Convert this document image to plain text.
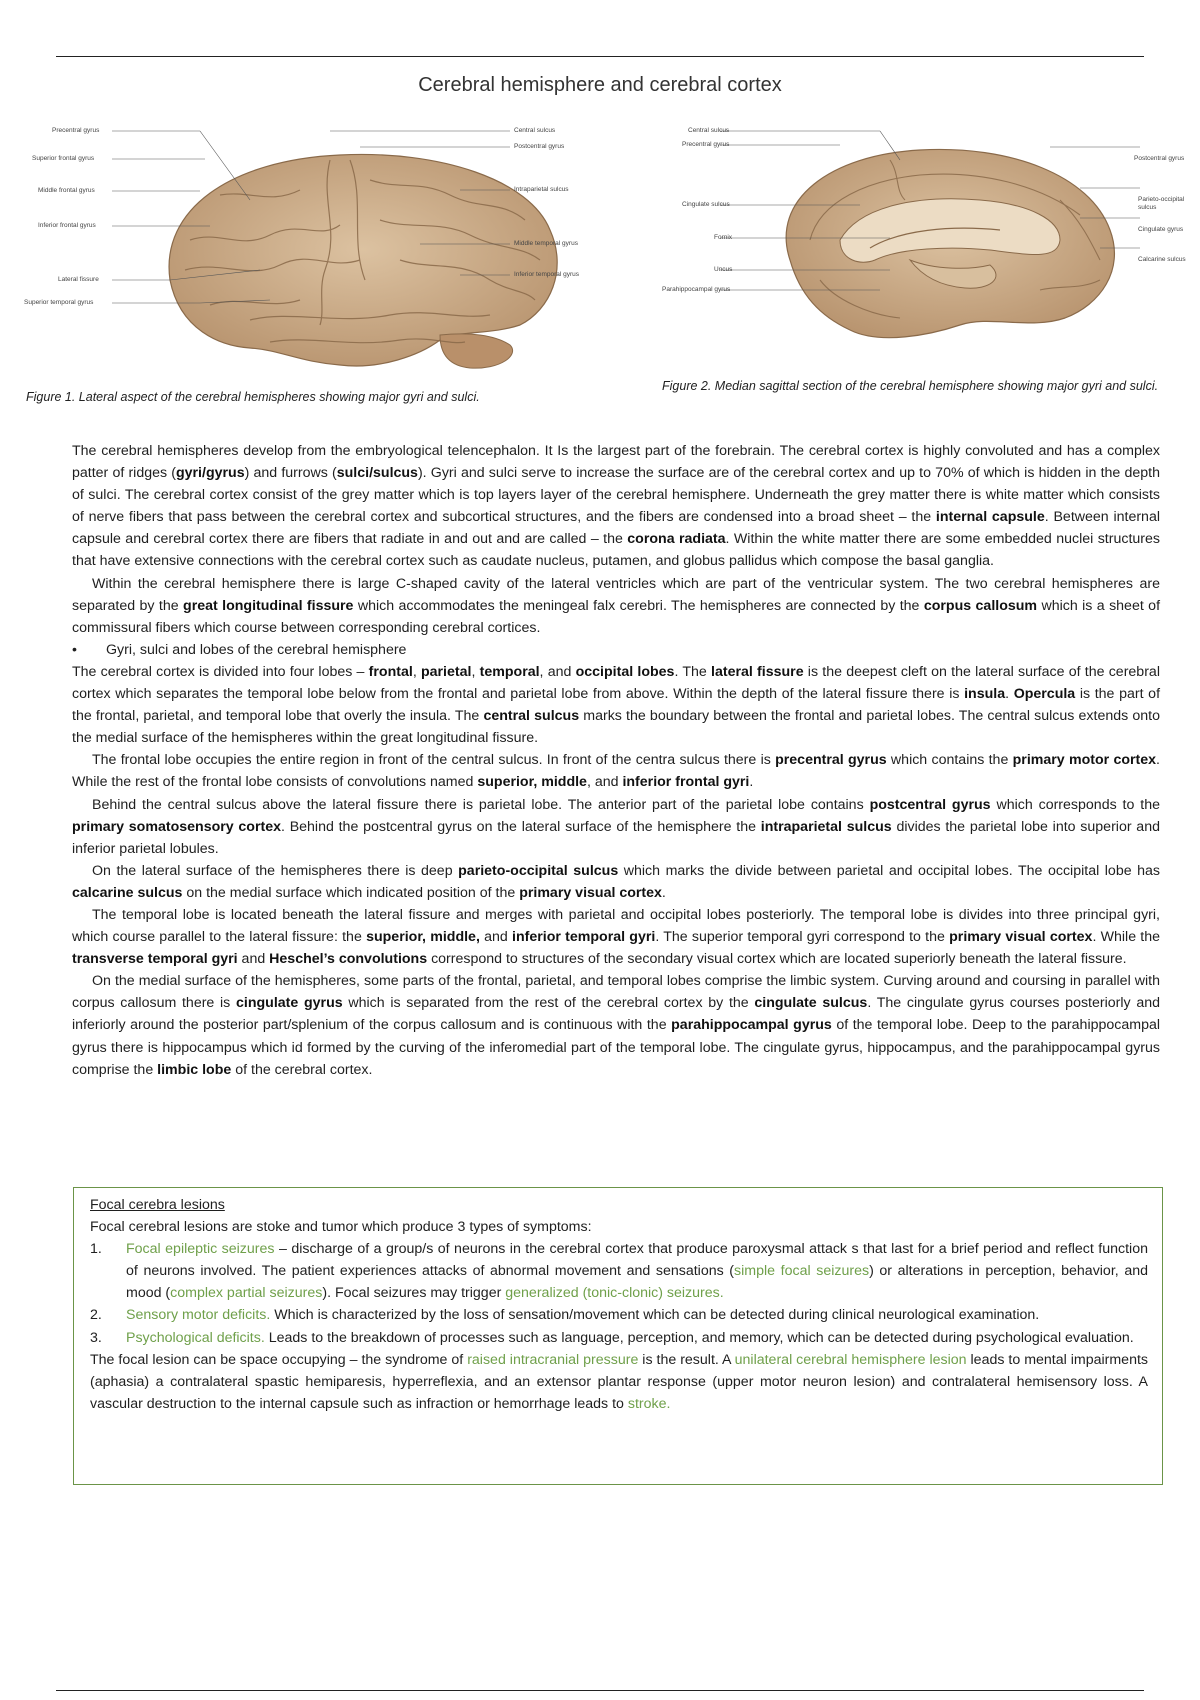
Cerebral hemisphere and cerebral cortex
Precentral gyrus
Superior frontal gyrus
Middle frontal gyrus
Inferior frontal gyrus
Lateral fissure
Superior temporal gyrus
Central sulcus
Postcentral gyrus
Intraparietal sulcus
Middle temporal gyrus
Inferior temporal gyrus
Figure 1. Lateral aspect of the cerebral hemispheres showing major gyri and sulci.
Central sulcus
Precentral gyrus
Cingulate sulcus
Fornix
Uncus
Parahippocampal gyrus
Postcentral gyrus
Parieto-occipital sulcus
Cingulate gyrus
Calcarine sulcus
Figure 2. Median sagittal section of the cerebral hemisphere showing major gyri and sulci.

The cerebral hemispheres develop from the embryological telencephalon. It Is the largest part of the forebrain. The cerebral cortex is highly convoluted and has a complex patter of ridges (gyri/gyrus) and furrows (sulci/sulcus). Gyri and sulci serve to increase the surface are of the cerebral cortex and up to 70% of which is hidden in the depth of sulci. The cerebral cortex consist of the grey matter which is top layers layer of the cerebral hemisphere. Underneath the grey matter there is white matter which consists of nerve fibers that pass between the cerebral cortex and subcortical structures, and the fibers are condensed into a broad sheet – the internal capsule. Between internal capsule and cerebral cortex there are fibers that radiate in and out and are called – the corona radiata. Within the white matter there are some embedded nuclei structures that have extensive connections with the cerebral cortex such as caudate nucleus, putamen, and globus pallidus which compose the basal ganglia.

Within the cerebral hemisphere there is large C-shaped cavity of the lateral ventricles which are part of the ventricular system. The two cerebral hemispheres are separated by the great longitudinal fissure which accommodates the meningeal falx cerebri. The hemispheres are connected by the corpus callosum which is a sheet of commissural fibers which course between corresponding cerebral cortices.

• Gyri, sulci and lobes of the cerebral hemisphere

The cerebral cortex is divided into four lobes – frontal, parietal, temporal, and occipital lobes. The lateral fissure is the deepest cleft on the lateral surface of the cerebral cortex which separates the temporal lobe below from the frontal and parietal lobe from above. Within the depth of the lateral fissure there is insula. Opercula is the part of the frontal, parietal, and temporal lobe that overly the insula. The central sulcus marks the boundary between the frontal and parietal lobes. The central sulcus extends onto the medial surface of the hemispheres within the great longitudinal fissure.

The frontal lobe occupies the entire region in front of the central sulcus. In front of the centra sulcus there is precentral gyrus which contains the primary motor cortex. While the rest of the frontal lobe consists of convolutions named superior, middle, and inferior frontal gyri.

Behind the central sulcus above the lateral fissure there is parietal lobe. The anterior part of the parietal lobe contains postcentral gyrus which corresponds to the primary somatosensory cortex. Behind the postcentral gyrus on the lateral surface of the hemisphere the intraparietal sulcus divides the parietal lobe into superior and inferior parietal lobules.

On the lateral surface of the hemispheres there is deep parieto-occipital sulcus which marks the divide between parietal and occipital lobes. The occipital lobe has calcarine sulcus on the medial surface which indicated position of the primary visual cortex.

The temporal lobe is located beneath the lateral fissure and merges with parietal and occipital lobes posteriorly. The temporal lobe is divides into three principal gyri, which course parallel to the lateral fissure: the superior, middle, and inferior temporal gyri. The superior temporal gyri correspond to the primary visual cortex. While the transverse temporal gyri and Heschel’s convolutions correspond to structures of the secondary visual cortex which are located superiorly beneath the lateral fissure.

On the medial surface of the hemispheres, some parts of the frontal, parietal, and temporal lobes comprise the limbic system. Curving around and coursing in parallel with corpus callosum there is cingulate gyrus which is separated from the rest of the cerebral cortex by the cingulate sulcus. The cingulate gyrus courses posteriorly and inferiorly around the posterior part/splenium of the corpus callosum and is continuous with the parahippocampal gyrus of the temporal lobe. Deep to the parahippocampal gyrus there is hippocampus which id formed by the curving of the inferomedial part of the temporal lobe. The cingulate gyrus, hippocampus, and the parahippocampal gyrus comprise the limbic lobe of the cerebral cortex.

Focal cerebra lesions
Focal cerebral lesions are stoke and tumor which produce 3 types of symptoms:
1.	Focal epileptic seizures – discharge of a group/s of neurons in the cerebral cortex that produce paroxysmal attack s that last for a brief period and reflect function of neurons involved. The patient experiences attacks of abnormal movement and sensations (simple focal seizures) or alterations in perception, behavior, and mood (complex partial seizures). Focal seizures may trigger generalized (tonic-clonic) seizures.
2.	Sensory motor deficits. Which is characterized by the loss of sensation/movement which can be detected during clinical neurological examination.
3.	Psychological deficits. Leads to the breakdown of processes such as language, perception, and memory, which can be detected during psychological evaluation.
The focal lesion can be space occupying – the syndrome of raised intracranial pressure is the result. A unilateral cerebral hemisphere lesion leads to mental impairments (aphasia) a contralateral spastic hemiparesis, hyperreflexia, and an extensor plantar response (upper motor neuron lesion) and contralateral hemisensory loss. A vascular destruction to the internal capsule such as infraction or hemorrhage leads to stroke.
